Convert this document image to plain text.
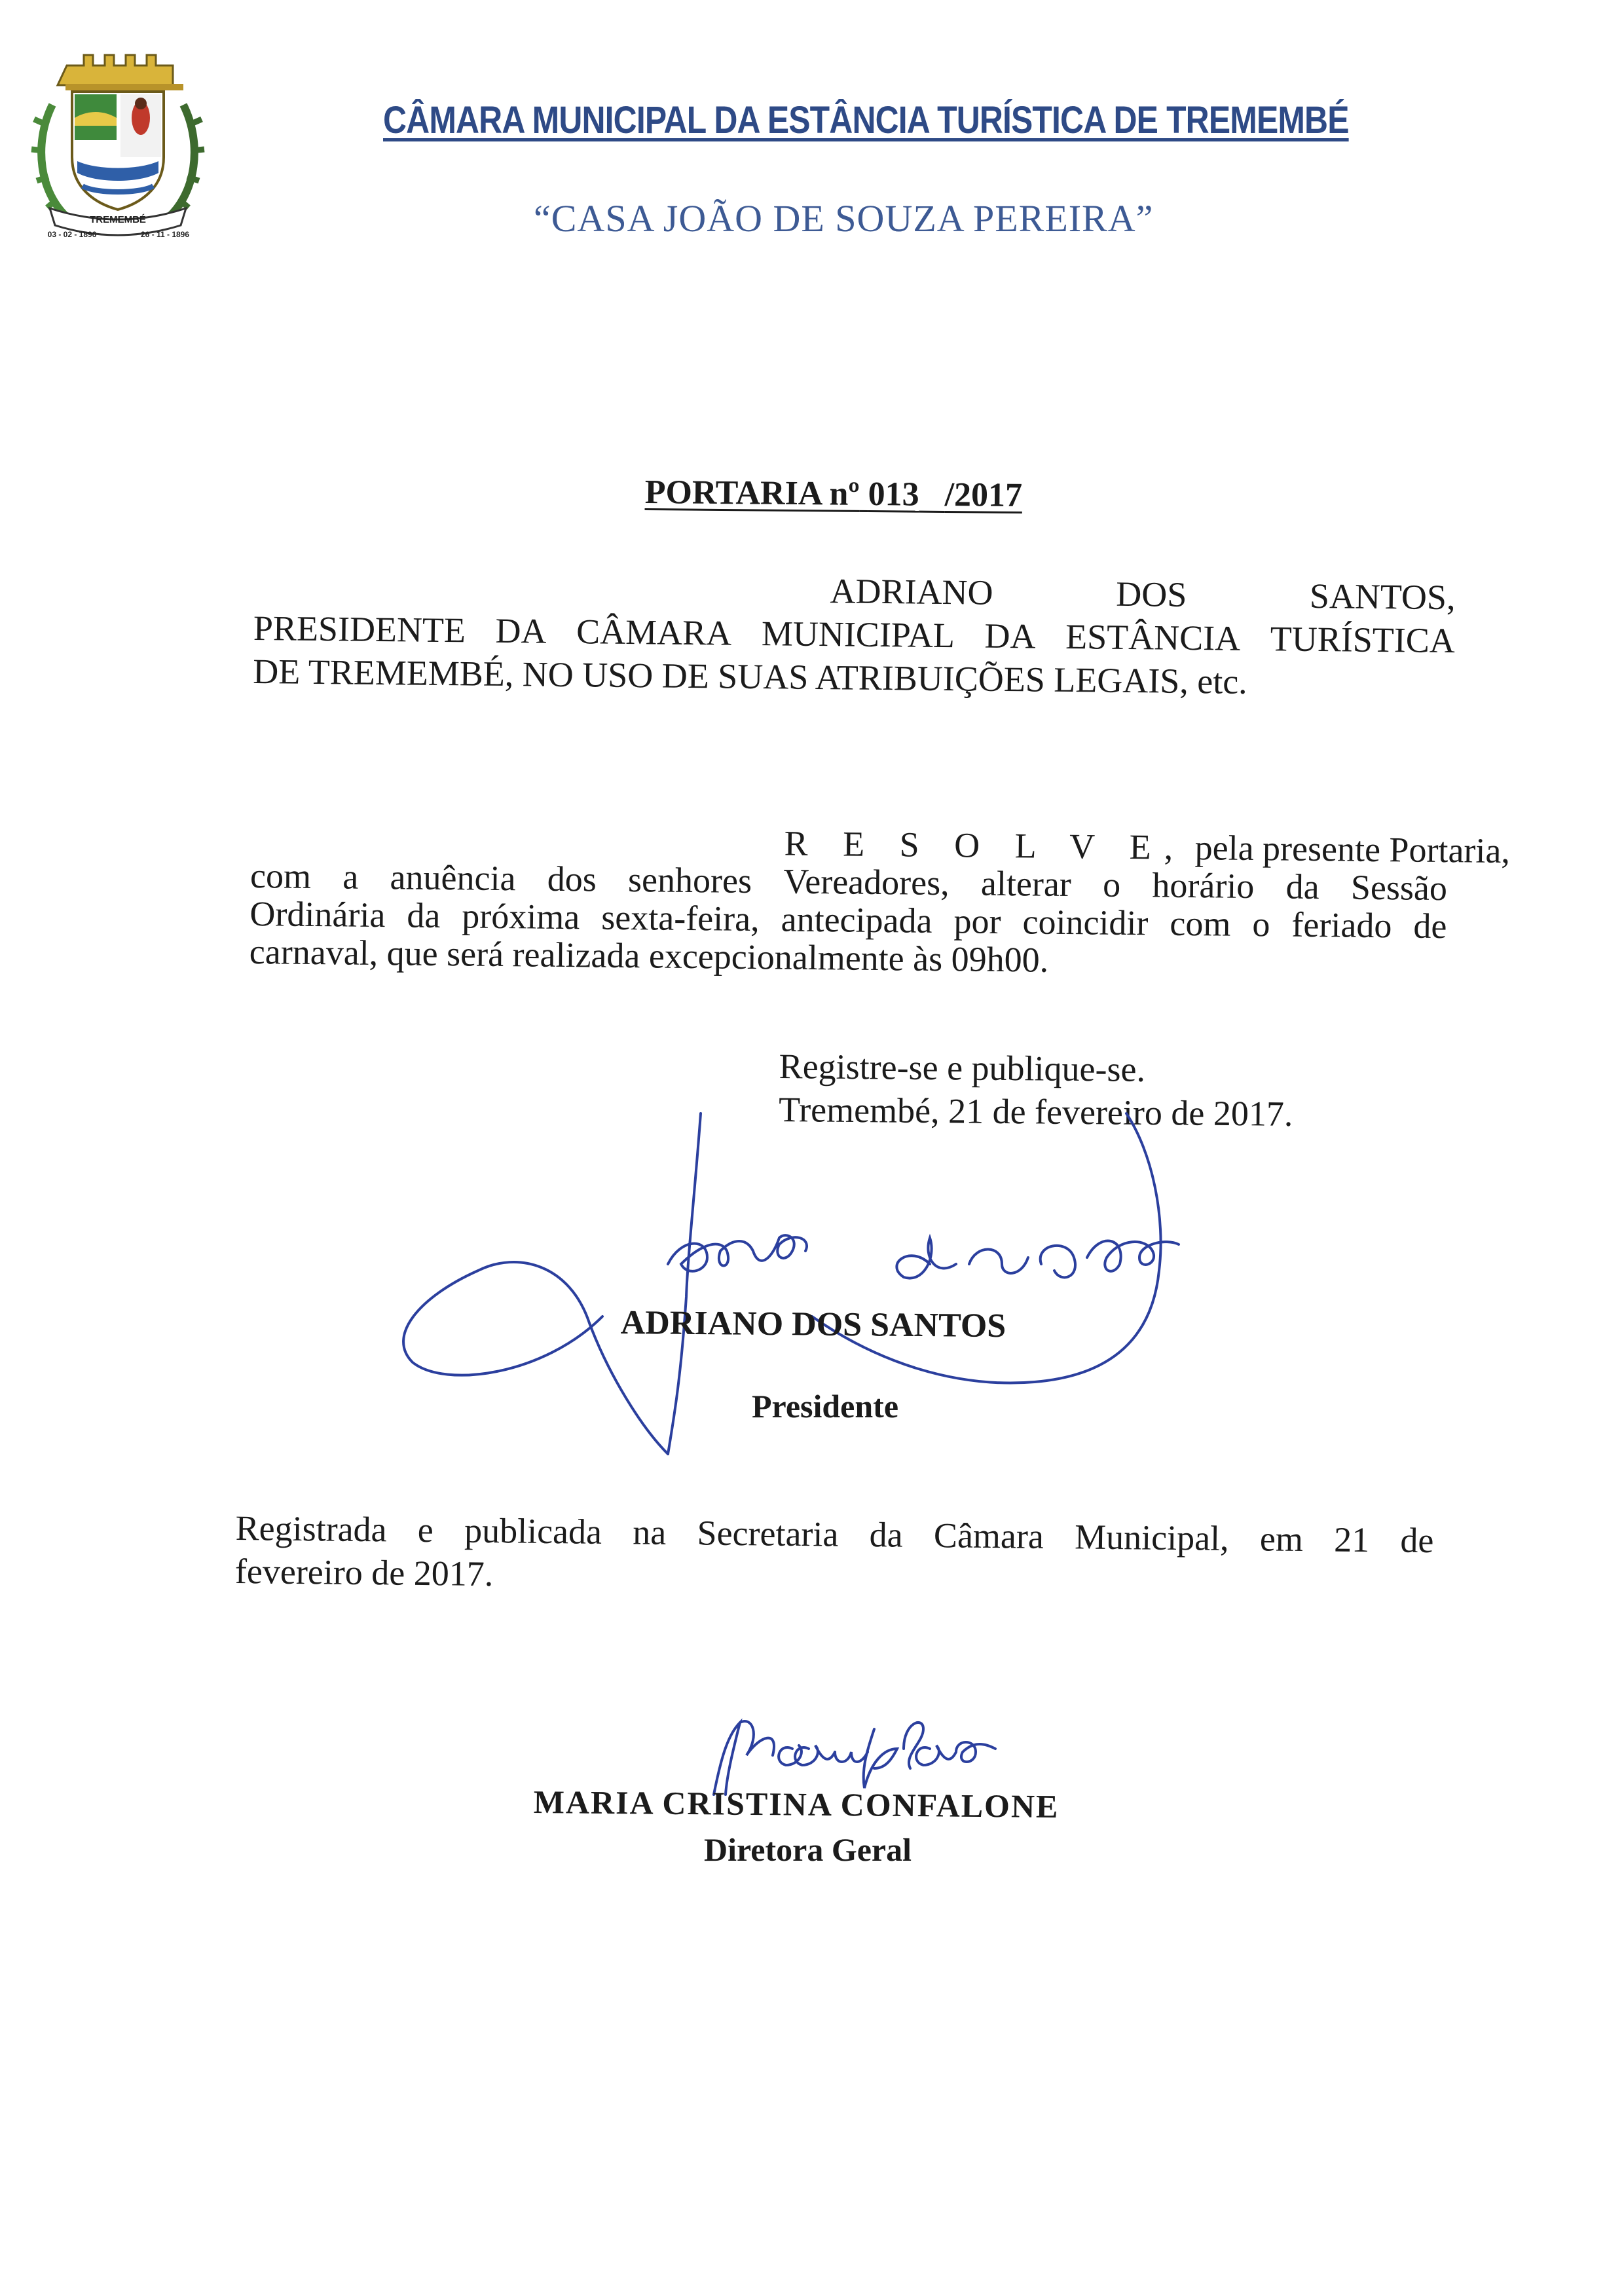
TREMEMBÉ
03 - 02 - 1896	26 - 11 - 1896
CÂMARA MUNICIPAL DA ESTÂNCIA TURÍSTICA DE TREMEMBÉ
“CASA JOÃO DE SOUZA PEREIRA”
PORTARIA nº 013 /2017
ADRIANO	DOS	SANTOS,
PRESIDENTE DA CÂMARA MUNICIPAL DA ESTÂNCIA TURÍSTICA
DE TREMEMBÉ, NO USO DE SUAS ATRIBUIÇÕES LEGAIS, etc.
R E S O L V E, pela presente Portaria,
com a anuência dos senhores Vereadores, alterar o horário da Sessão
Ordinária da próxima sexta-feira, antecipada por coincidir com o feriado de
carnaval, que será realizada excepcionalmente às 09h00.
Registre-se e publique-se.
Tremembé, 21 de fevereiro de 2017.
ADRIANO DOS SANTOS
Presidente
Registrada e publicada na Secretaria da Câmara Municipal, em 21 de
fevereiro de 2017.
MARIA CRISTINA CONFALONE
Diretora Geral
